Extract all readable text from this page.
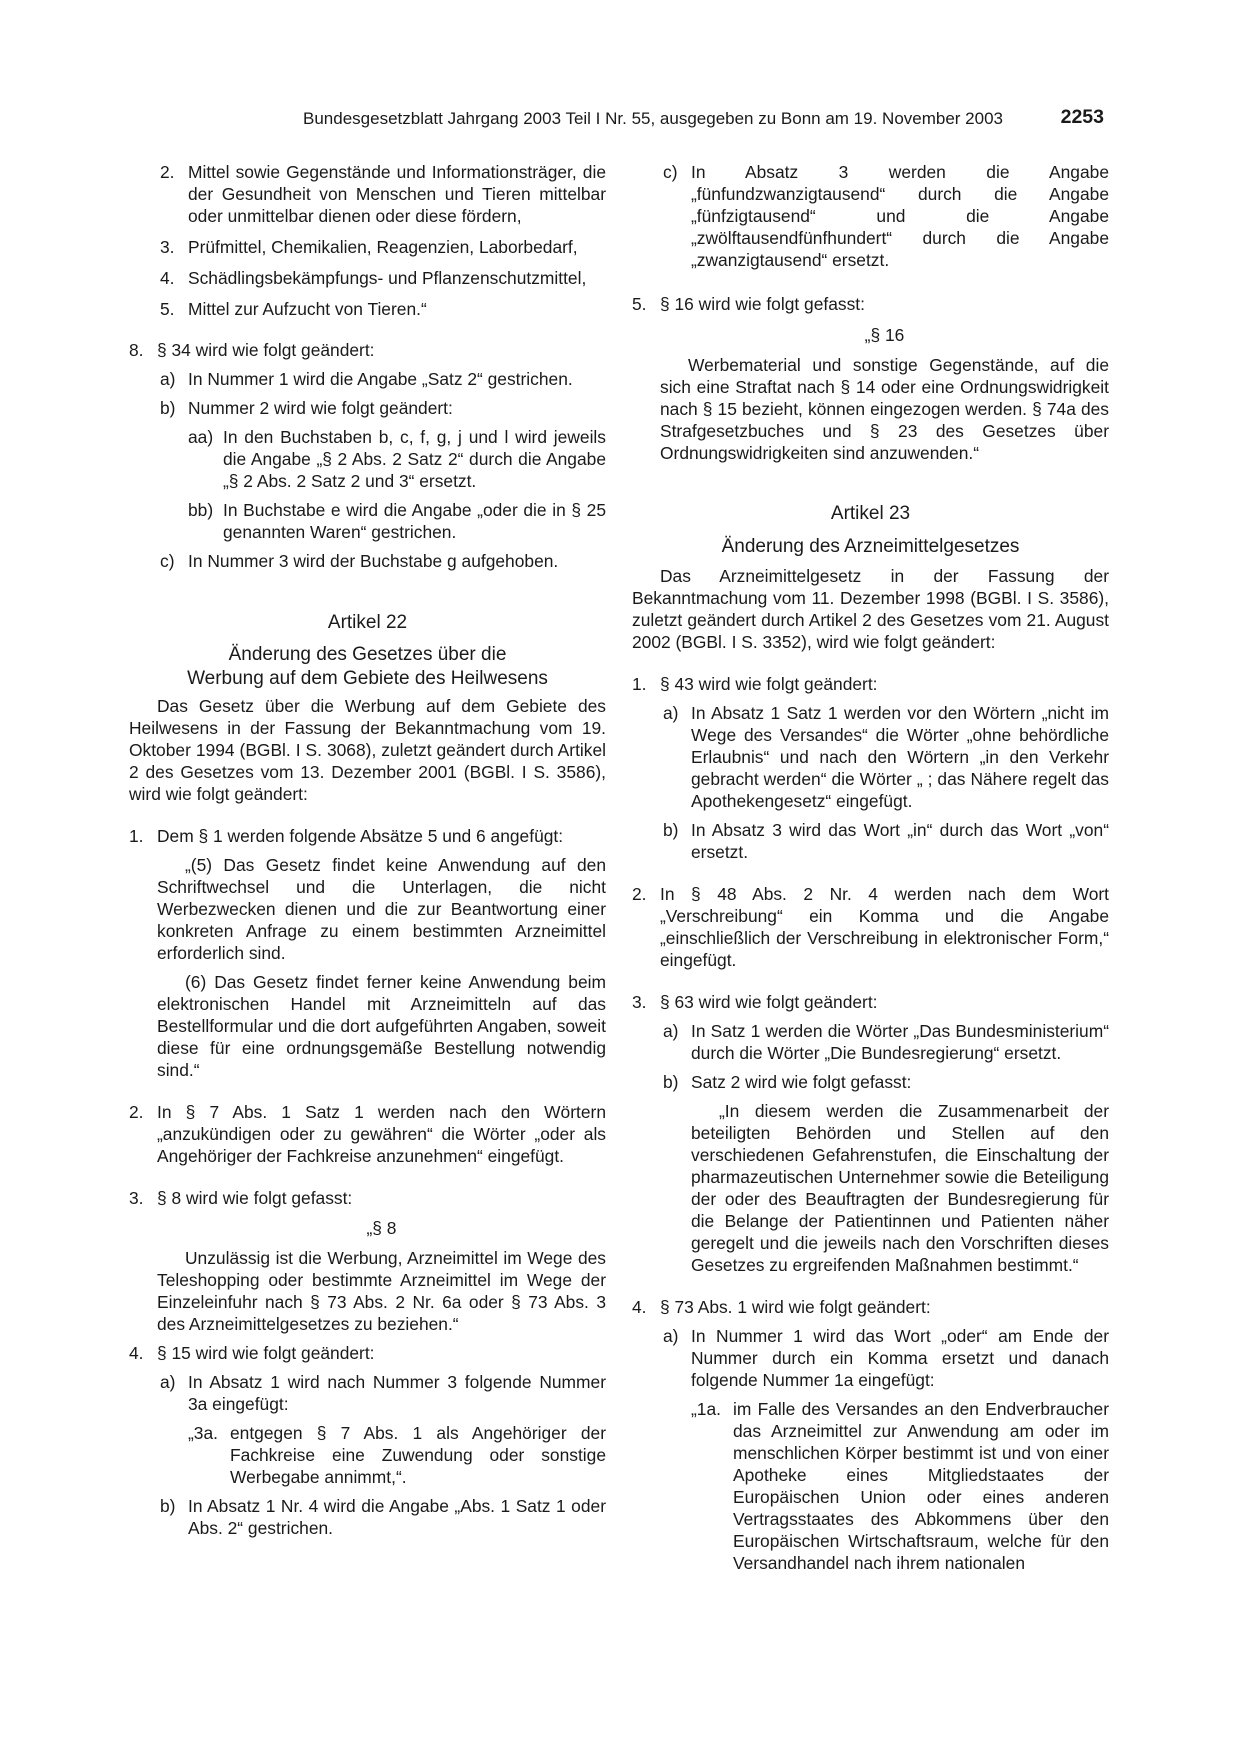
Bundesgesetzblatt Jahrgang 2003 Teil I Nr. 55, ausgegeben zu Bonn am 19. November 2003	2253
2. Mittel sowie Gegenstände und Informationsträger, die der Gesundheit von Menschen und Tieren mittelbar oder unmittelbar dienen oder diese fördern,
3. Prüfmittel, Chemikalien, Reagenzien, Laborbedarf,
4. Schädlingsbekämpfungs- und Pflanzenschutzmittel,
5. Mittel zur Aufzucht von Tieren.“
8. § 34 wird wie folgt geändert:
a) In Nummer 1 wird die Angabe „Satz 2“ gestrichen.
b) Nummer 2 wird wie folgt geändert:
aa) In den Buchstaben b, c, f, g, j und l wird jeweils die Angabe „§ 2 Abs. 2 Satz 2“ durch die Angabe „§ 2 Abs. 2 Satz 2 und 3“ ersetzt.
bb) In Buchstabe e wird die Angabe „oder die in § 25 genannten Waren“ gestrichen.
c) In Nummer 3 wird der Buchstabe g aufgehoben.
Artikel 22
Änderung des Gesetzes über die
Werbung auf dem Gebiete des Heilwesens
Das Gesetz über die Werbung auf dem Gebiete des Heilwesens in der Fassung der Bekanntmachung vom 19. Oktober 1994 (BGBl. I S. 3068), zuletzt geändert durch Artikel 2 des Gesetzes vom 13. Dezember 2001 (BGBl. I S. 3586), wird wie folgt geändert:
1. Dem § 1 werden folgende Absätze 5 und 6 angefügt:
„(5) Das Gesetz findet keine Anwendung auf den Schriftwechsel und die Unterlagen, die nicht Werbezwecken dienen und die zur Beantwortung einer konkreten Anfrage zu einem bestimmten Arzneimittel erforderlich sind.
(6) Das Gesetz findet ferner keine Anwendung beim elektronischen Handel mit Arzneimitteln auf das Bestellformular und die dort aufgeführten Angaben, soweit diese für eine ordnungsgemäße Bestellung notwendig sind.“
2. In § 7 Abs. 1 Satz 1 werden nach den Wörtern „anzukündigen oder zu gewähren“ die Wörter „oder als Angehöriger der Fachkreise anzunehmen“ eingefügt.
3. § 8 wird wie folgt gefasst:
„§ 8
Unzulässig ist die Werbung, Arzneimittel im Wege des Teleshopping oder bestimmte Arzneimittel im Wege der Einzeleinfuhr nach § 73 Abs. 2 Nr. 6a oder § 73 Abs. 3 des Arzneimittelgesetzes zu beziehen.“
4. § 15 wird wie folgt geändert:
a) In Absatz 1 wird nach Nummer 3 folgende Nummer 3a eingefügt:
„3a. entgegen § 7 Abs. 1 als Angehöriger der Fachkreise eine Zuwendung oder sonstige Werbegabe annimmt,“.
b) In Absatz 1 Nr. 4 wird die Angabe „Abs. 1 Satz 1 oder Abs. 2“ gestrichen.
c) In Absatz 3 werden die Angabe „fünfundzwanzigtausend“ durch die Angabe „fünfzigtausend“ und die Angabe „zwölftausendfünfhundert“ durch die Angabe „zwanzigtausend“ ersetzt.
5. § 16 wird wie folgt gefasst:
„§ 16
Werbematerial und sonstige Gegenstände, auf die sich eine Straftat nach § 14 oder eine Ordnungswidrigkeit nach § 15 bezieht, können eingezogen werden. § 74a des Strafgesetzbuches und § 23 des Gesetzes über Ordnungswidrigkeiten sind anzuwenden.“
Artikel 23
Änderung des Arzneimittelgesetzes
Das Arzneimittelgesetz in der Fassung der Bekanntmachung vom 11. Dezember 1998 (BGBl. I S. 3586), zuletzt geändert durch Artikel 2 des Gesetzes vom 21. August 2002 (BGBl. I S. 3352), wird wie folgt geändert:
1. § 43 wird wie folgt geändert:
a) In Absatz 1 Satz 1 werden vor den Wörtern „nicht im Wege des Versandes“ die Wörter „ohne behördliche Erlaubnis“ und nach den Wörtern „in den Verkehr gebracht werden“ die Wörter „ ; das Nähere regelt das Apothekengesetz“ eingefügt.
b) In Absatz 3 wird das Wort „in“ durch das Wort „von“ ersetzt.
2. In § 48 Abs. 2 Nr. 4 werden nach dem Wort „Verschreibung“ ein Komma und die Angabe „einschließlich der Verschreibung in elektronischer Form,“ eingefügt.
3. § 63 wird wie folgt geändert:
a) In Satz 1 werden die Wörter „Das Bundesministerium“ durch die Wörter „Die Bundesregierung“ ersetzt.
b) Satz 2 wird wie folgt gefasst:
„In diesem werden die Zusammenarbeit der beteiligten Behörden und Stellen auf den verschiedenen Gefahrenstufen, die Einschaltung der pharmazeutischen Unternehmer sowie die Beteiligung der oder des Beauftragten der Bundesregierung für die Belange der Patientinnen und Patienten näher geregelt und die jeweils nach den Vorschriften dieses Gesetzes zu ergreifenden Maßnahmen bestimmt.“
4. § 73 Abs. 1 wird wie folgt geändert:
a) In Nummer 1 wird das Wort „oder“ am Ende der Nummer durch ein Komma ersetzt und danach folgende Nummer 1a eingefügt:
„1a. im Falle des Versandes an den Endverbraucher das Arzneimittel zur Anwendung am oder im menschlichen Körper bestimmt ist und von einer Apotheke eines Mitgliedstaates der Europäischen Union oder eines anderen Vertragsstaates des Abkommens über den Europäischen Wirtschaftsraum, welche für den Versandhandel nach ihrem nationalen
